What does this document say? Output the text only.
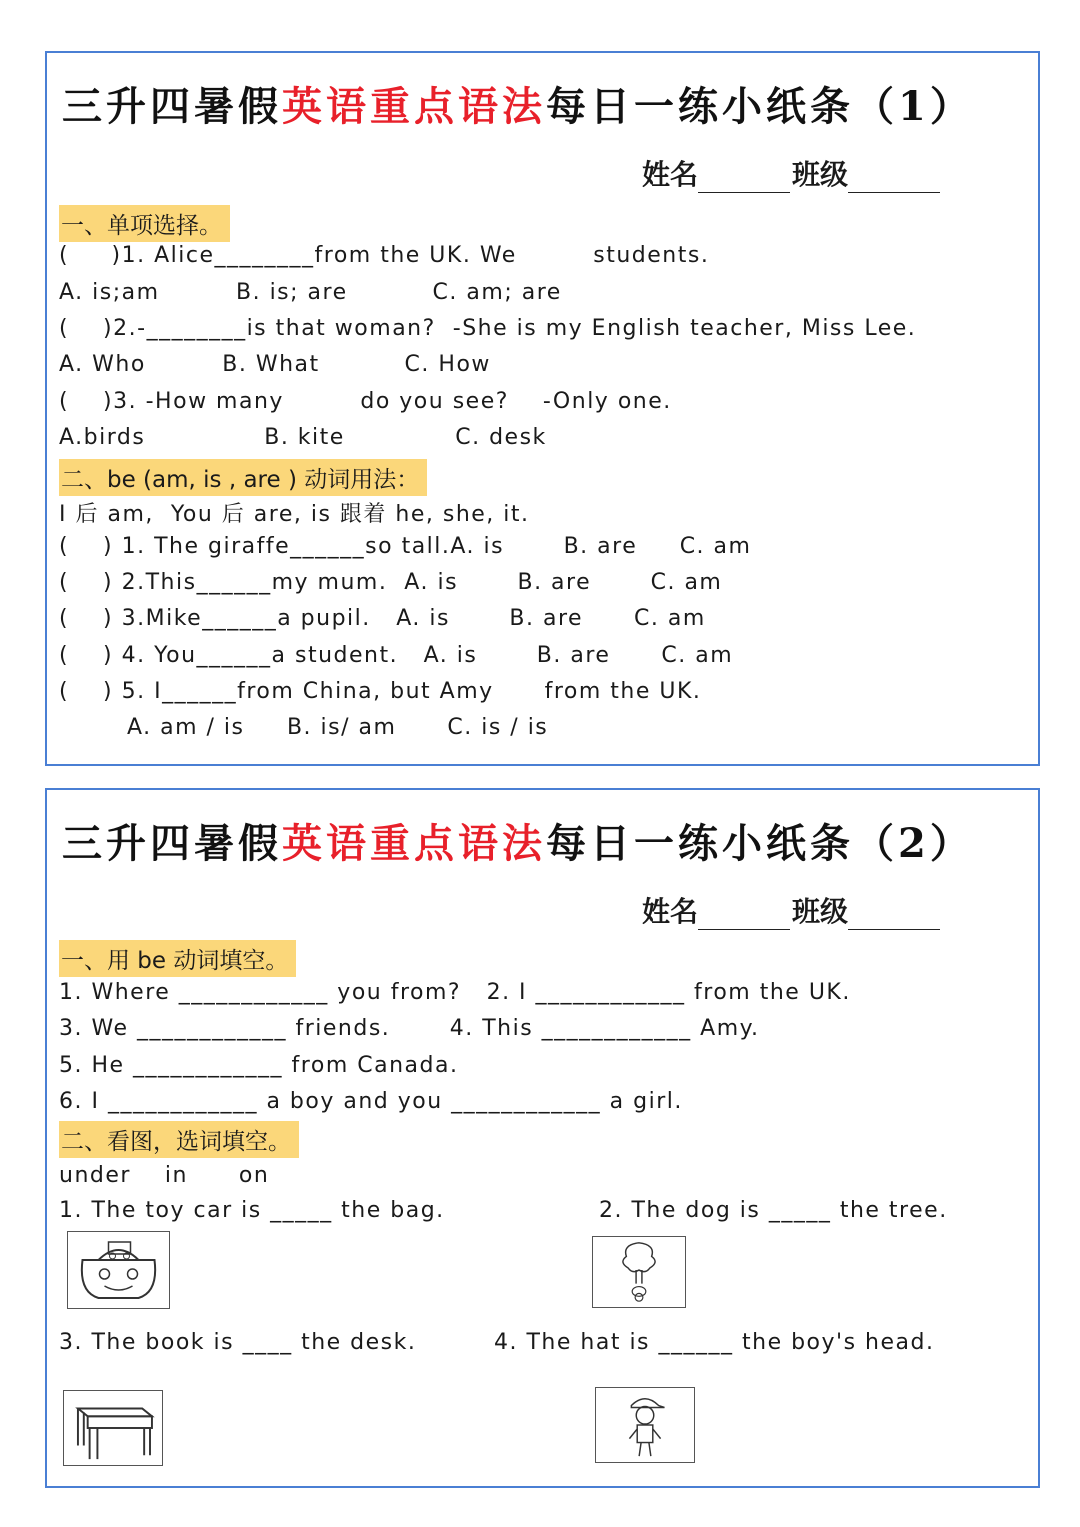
三升四暑假英语重点语法每日一练小纸条（1）
姓名	班级
一、单项选择。
(     )1. Alice________from the UK. We         students.
A. is;am         B. is; are          C. am; are
(    )2.-________is that woman?  -She is my English teacher, Miss Lee.
A. Who         B. What          C. How
(    )3. -How many         do you see?    -Only one.
A.birds              B. kite             C. desk
二、be (am, is , are ) 动词用法：
I 后 am,  You 后 are, is 跟着 he, she, it.
(    ) 1. The giraffe______so tall.A. is       B. are     C. am
(    ) 2.This______my mum.  A. is       B. are       C. am
(    ) 3.Mike______a pupil.   A. is       B. are      C. am
(    ) 4. You______a student.   A. is       B. are      C. am
(    ) 5. I______from China, but Amy      from the UK.
A. am / is     B. is/ am      C. is / is
三升四暑假英语重点语法每日一练小纸条（2）
姓名	班级
一、用 be 动词填空。
1. Where ____________ you from?   2. I ____________ from the UK.
3. We ____________ friends.       4. This ____________ Amy.
5. He ____________ from Canada.
6. I ____________ a boy and you ____________ a girl.
二、看图，选词填空。
under    in      on
1. The toy car is _____ the bag.	2. The dog is _____ the tree.
3. The book is ____ the desk.	4. The hat is ______ the boy's head.
